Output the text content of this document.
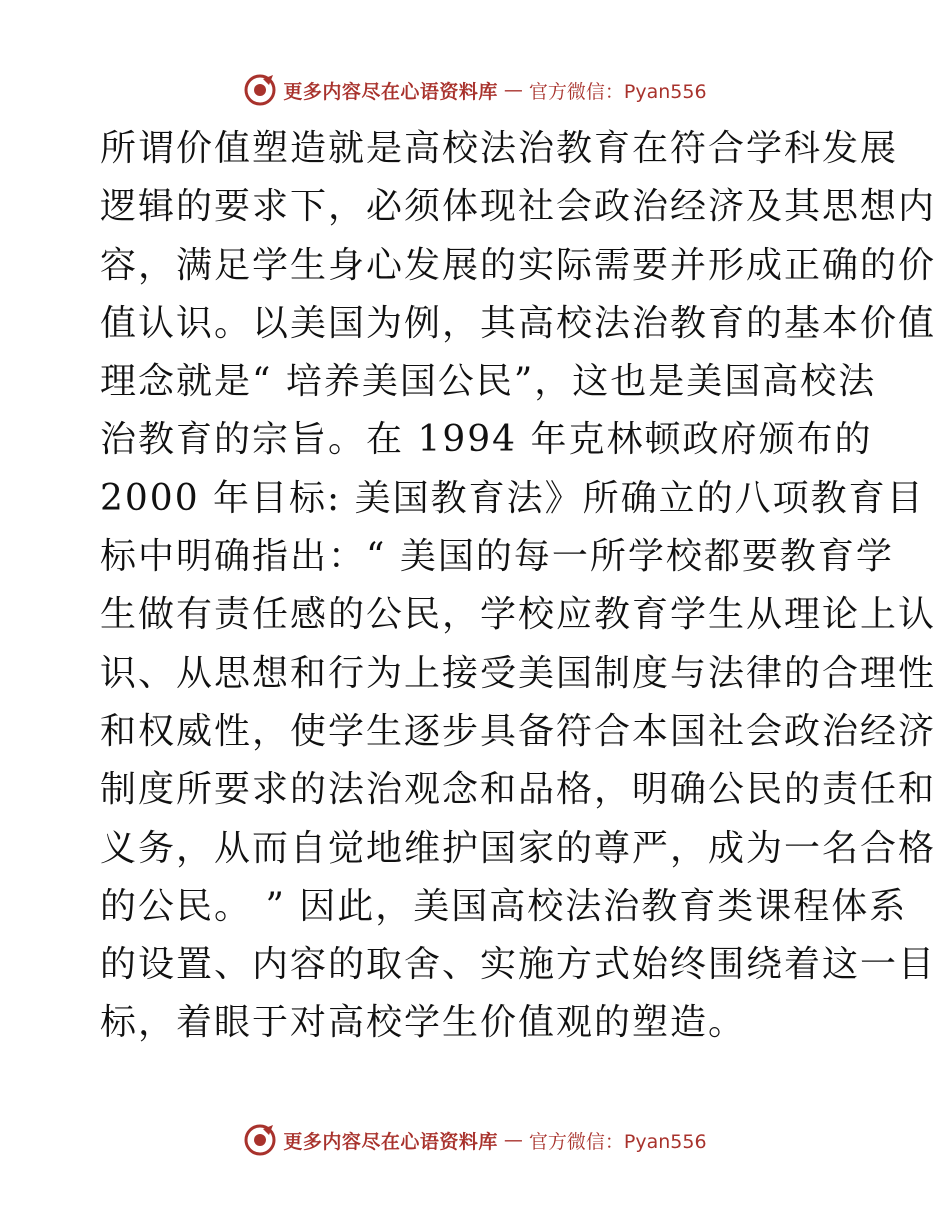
更多内容尽在心语资料库 — 官方微信：Pyan556
所谓价值塑造就是高校法治教育在符合学科发展
逻辑的要求下，必须体现社会政治经济及其思想内
容，满足学生身心发展的实际需要并形成正确的价
值认识。以美国为例，其高校法治教育的基本价值
理念就是“ 培养美国公民”，这也是美国高校法
治教育的宗旨。在 1994 年克林顿政府颁布的
2000 年目标: 美国教育法》所确立的八项教育目
标中明确指出：“ 美国的每一所学校都要教育学
生做有责任感的公民，学校应教育学生从理论上认
识、从思想和行为上接受美国制度与法律的合理性
和权威性，使学生逐步具备符合本国社会政治经济
制度所要求的法治观念和品格，明确公民的责任和
义务，从而自觉地维护国家的尊严，成为一名合格
的公民。 ” 因此，美国高校法治教育类课程体系
的设置、内容的取舍、实施方式始终围绕着这一目
标，着眼于对高校学生价值观的塑造。
更多内容尽在心语资料库 — 官方微信：Pyan556
